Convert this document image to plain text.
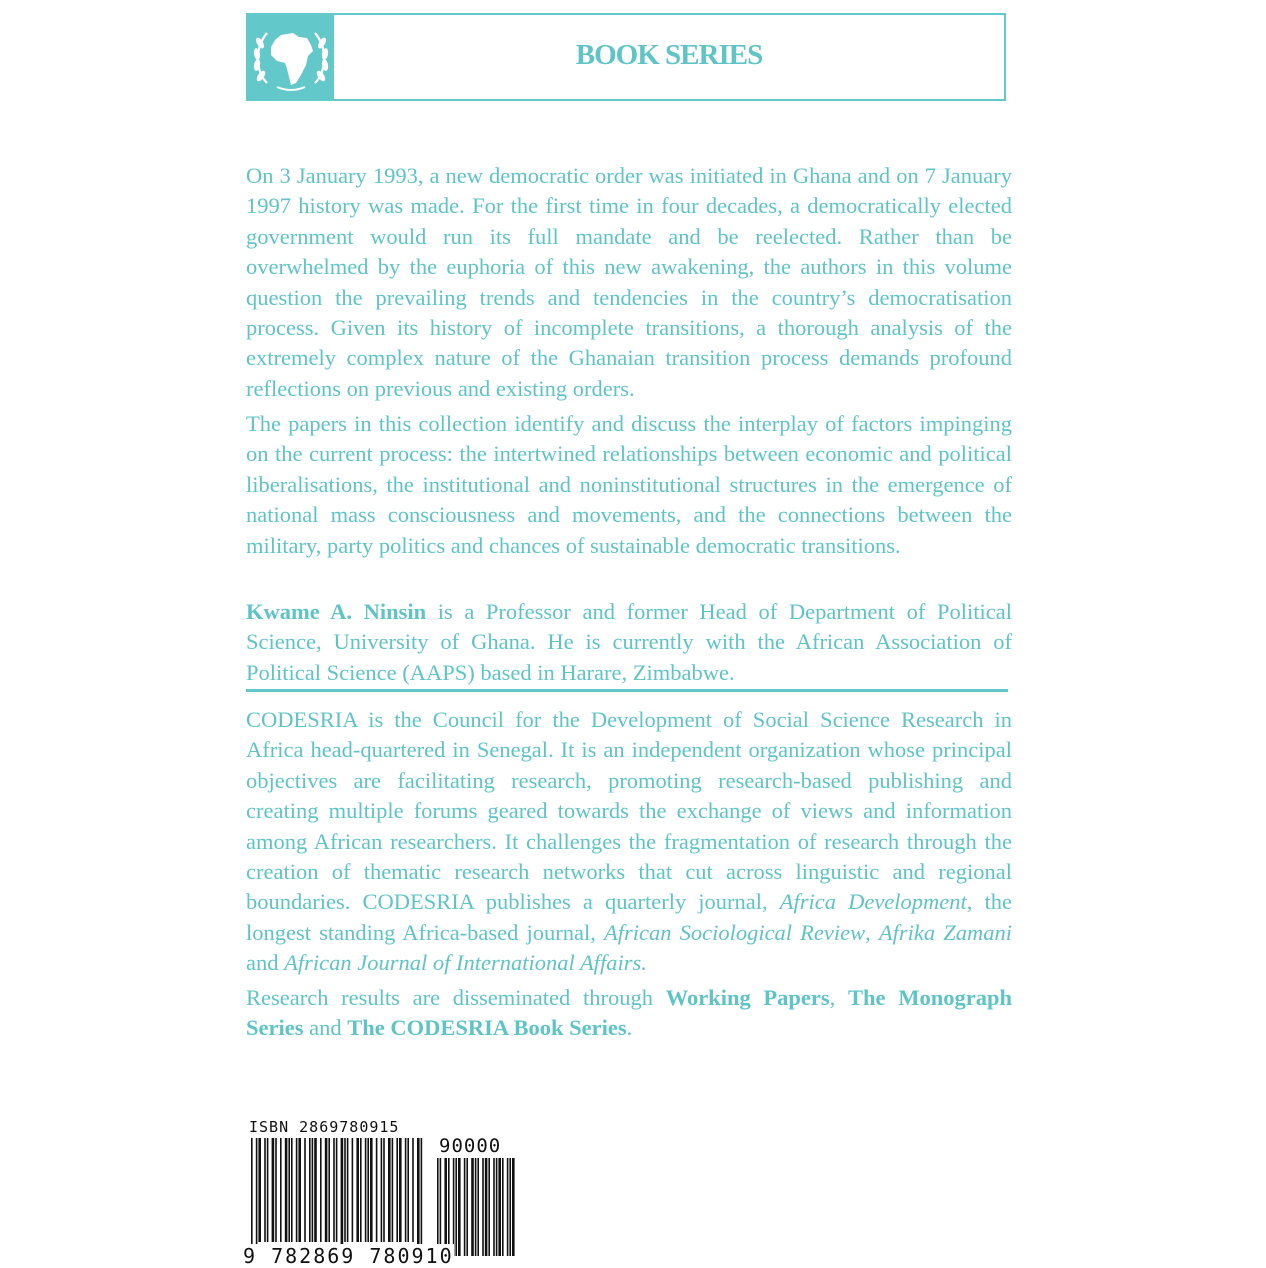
BOOK SERIES

On 3 January 1993, a new democratic order was initiated in Ghana and on 7 January 1997 history was made. For the first time in four decades, a democratically elected government would run its full mandate and be reelected. Rather than be overwhelmed by the euphoria of this new awakening, the authors in this volume question the prevailing trends and tendencies in the country’s democratisation process. Given its history of incomplete transitions, a thorough analysis of the extremely complex nature of the Ghanaian transition process demands profound reflections on previous and existing orders.

The papers in this collection identify and discuss the interplay of factors impinging on the current process: the intertwined relationships between economic and political liberalisations, the institutional and noninstitutional structures in the emergence of national mass consciousness and movements, and the connections between the military, party politics and chances of sustainable democratic transitions.

Kwame A. Ninsin is a Professor and former Head of Department of Political Science, University of Ghana. He is currently with the African Association of Political Science (AAPS) based in Harare, Zimbabwe.

CODESRIA is the Council for the Development of Social Science Research in Africa head-quartered in Senegal. It is an independent organization whose principal objectives are facilitating research, promoting research-based publishing and creating multiple forums geared towards the exchange of views and information among African researchers. It challenges the fragmentation of research through the creation of thematic research networks that cut across linguistic and regional boundaries. CODESRIA publishes a quarterly journal, Africa Development, the longest standing Africa-based journal, African Sociological Review, Afrika Zamani and African Journal of International Affairs.

Research results are disseminated through Working Papers, The Monograph Series and The CODESRIA Book Series.

ISBN 2869780915
90000
9 782869 780910
